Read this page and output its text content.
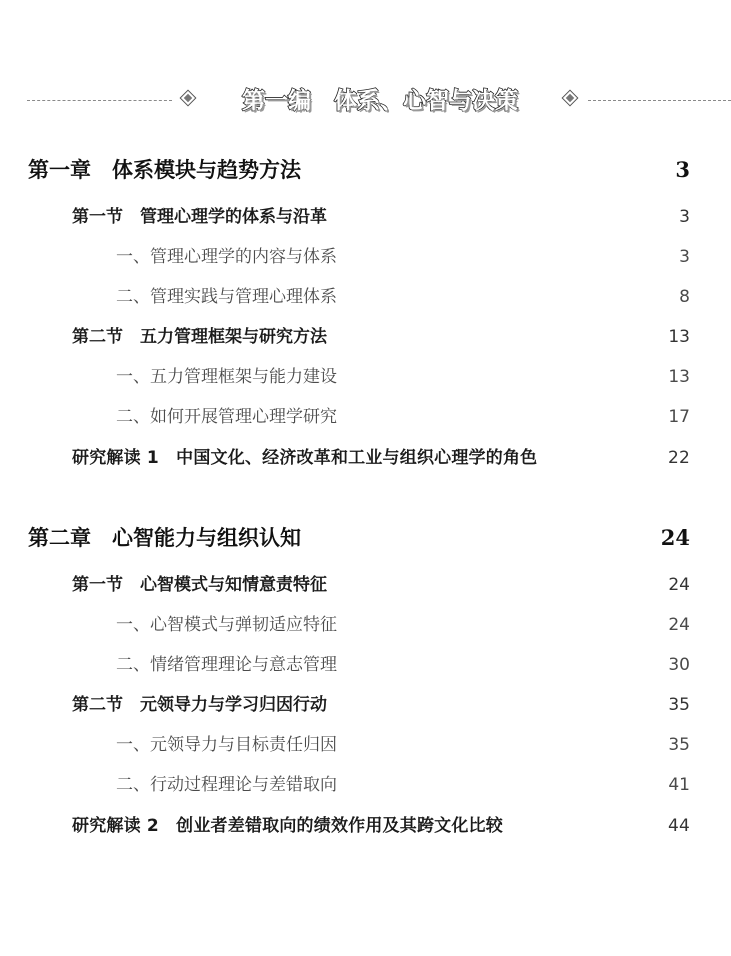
第一编　体系、心智与决策
第一章　体系模块与趋势方法	3
第一节　管理心理学的体系与沿革	3
一、管理心理学的内容与体系	3
二、管理实践与管理心理体系	8
第二节　五力管理框架与研究方法	13
一、五力管理框架与能力建设	13
二、如何开展管理心理学研究	17
研究解读 1　中国文化、经济改革和工业与组织心理学的角色	22
第二章　心智能力与组织认知	24
第一节　心智模式与知情意责特征	24
一、心智模式与弹韧适应特征	24
二、情绪管理理论与意志管理	30
第二节　元领导力与学习归因行动	35
一、元领导力与目标责任归因	35
二、行动过程理论与差错取向	41
研究解读 2　创业者差错取向的绩效作用及其跨文化比较	44
